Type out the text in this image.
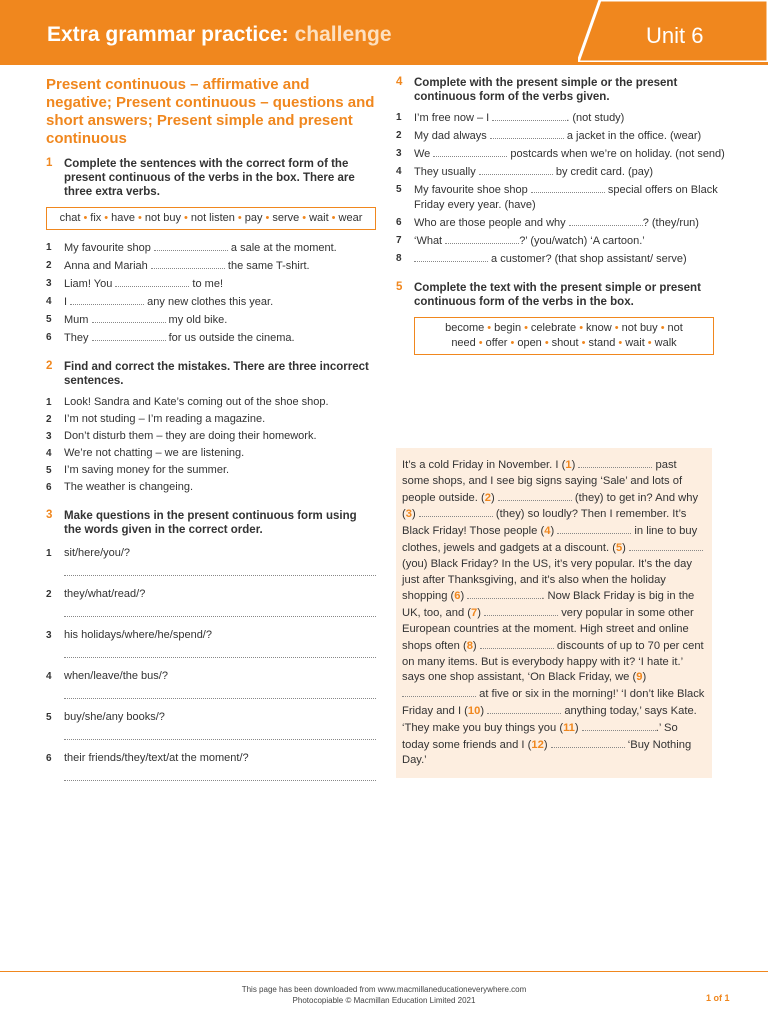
Extra grammar practice: challenge	Unit 6
Present continuous – affirmative and negative; Present continuous – questions and short answers; Present simple and present continuous
1 Complete the sentences with the correct form of the present continuous of the verbs in the box. There are three extra verbs.
chat • fix • have • not buy • not listen • pay • serve • wait • wear
1 My favourite shop	a sale at the moment.
2 Anna and Mariah	the same T-shirt.
3 Liam! You	to me!
4 I	any new clothes this year.
5 Mum	my old bike.
6 They	for us outside the cinema.
2 Find and correct the mistakes. There are three incorrect sentences.
1 Look! Sandra and Kate’s coming out of the shoe shop.
2 I’m not studing – I’m reading a magazine.
3 Don’t disturb them – they are doing their homework.
4 We’re not chatting – we are listening.
5 I’m saving money for the summer.
6 The weather is changeing.
3 Make questions in the present continuous form using the words given in the correct order.
1 sit/here/you/?
2 they/what/read/?
3 his holidays/where/he/spend/?
4 when/leave/the bus/?
5 buy/she/any books/?
6 their friends/they/text/at the moment/?
4 Complete with the present simple or the present continuous form of the verbs given.
1 I’m free now – I	. (not study)
2 My dad always	a jacket in the office. (wear)
3 We	postcards when we’re on holiday. (not send)
4 They usually	by credit card. (pay)
5 My favourite shoe shop	special offers on Black Friday every year. (have)
6 Who are those people and why	? (they/run)
7 ‘What	?’ (you/watch) ‘A cartoon.’
8	a customer? (that shop assistant/ serve)
5 Complete the text with the present simple or present continuous form of the verbs in the box.
become • begin • celebrate • know • not buy • not need • offer • open • shout • stand • wait • walk

It’s a cold Friday in November. I (1)	past some shops, and I see big signs saying ‘Sale’ and lots of people outside. (2)	(they) to get in? And why (3)	(they) so loudly? Then I remember. It’s Black Friday! Those people (4)	in line to buy clothes, jewels and gadgets at a discount. (5)  (you) Black Friday? In the US, it’s very popular. It’s the day just after Thanksgiving, and it’s also when the holiday shopping (6)	. Now Black Friday is big in the UK, too, and (7)	very popular in some other European countries at the moment. High street and online shops often (8)	discounts of up to 70 per cent on many items. But is everybody happy with it? ‘I hate it.’ says one shop assistant, ‘On Black Friday, we (9)  at five or six in the morning!’ ‘I don’t like Black Friday and I (10)	anything today,’ says Kate. ‘They make you buy things you (11)	.’ So today some friends and I (12)	‘Buy Nothing Day.’

This page has been downloaded from www.macmillaneducationeverywhere.com
Photocopiable © Macmillan Education Limited 2021	1 of 1
